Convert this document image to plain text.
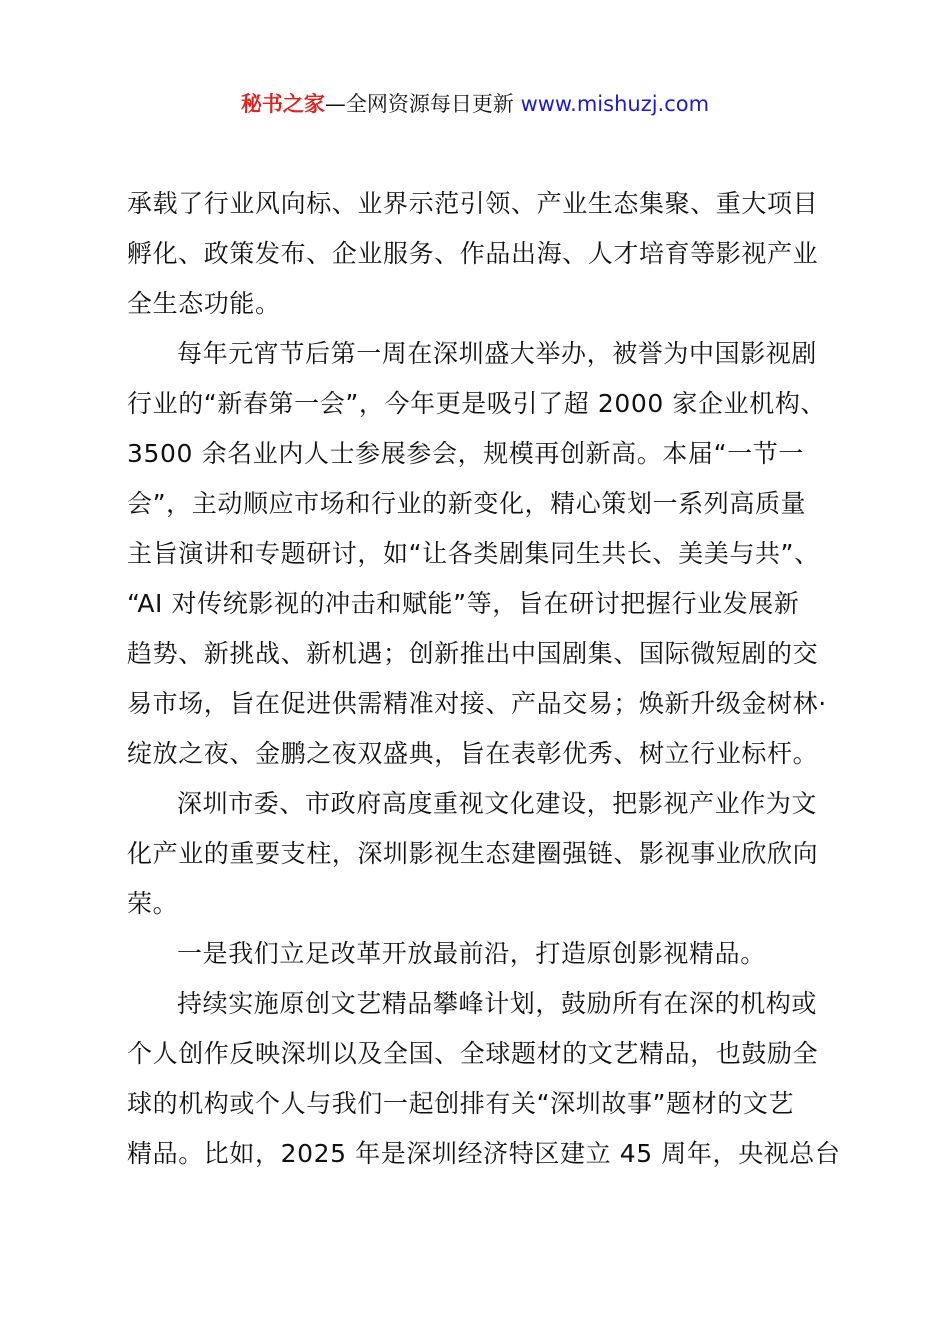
秘书之家—全网资源每日更新 www.mishuzj.com
承载了行业风向标、业界示范引领、产业生态集聚、重大项目
孵化、政策发布、企业服务、作品出海、人才培育等影视产业
全生态功能。
每年元宵节后第一周在深圳盛大举办，被誉为中国影视剧
行业的“新春第一会”，今年更是吸引了超 2000 家企业机构、
3500 余名业内人士参展参会，规模再创新高。本届“一节一
会”，主动顺应市场和行业的新变化，精心策划一系列高质量
主旨演讲和专题研讨，如“让各类剧集同生共长、美美与共”、
“AI 对传统影视的冲击和赋能”等，旨在研讨把握行业发展新
趋势、新挑战、新机遇；创新推出中国剧集、国际微短剧的交
易市场，旨在促进供需精准对接、产品交易；焕新升级金树林·
绽放之夜、金鹏之夜双盛典，旨在表彰优秀、树立行业标杆。
深圳市委、市政府高度重视文化建设，把影视产业作为文
化产业的重要支柱，深圳影视生态建圈强链、影视事业欣欣向
荣。
一是我们立足改革开放最前沿，打造原创影视精品。
持续实施原创文艺精品攀峰计划，鼓励所有在深的机构或
个人创作反映深圳以及全国、全球题材的文艺精品，也鼓励全
球的机构或个人与我们一起创排有关“深圳故事”题材的文艺
精品。比如，2025 年是深圳经济特区建立 45 周年，央视总台
